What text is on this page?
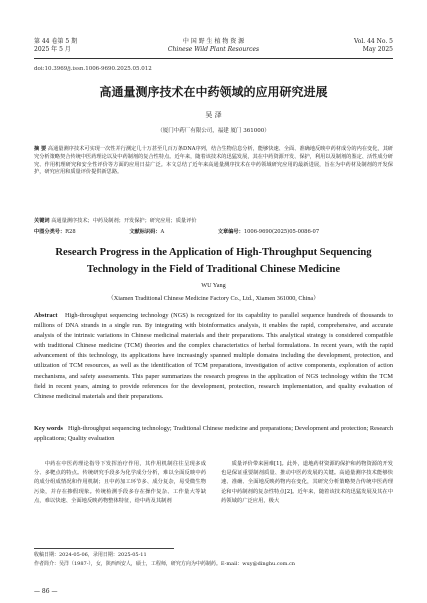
第 44 卷第 5 期
2025 年 5 月
中 国 野 生 植 物 资 源
Chinese Wild Plant Resources
Vol. 44 No. 5
May 2025
doi:10.3969/j.issn.1006-9690.2025.05.012
高通量测序技术在中药领域的应用研究进展
吴 泽
（厦门中药厂有限公司，福建 厦门 361000）
摘 要 高通量测序技术可实现一次性并行测定几十万甚至几百万条DNA序列，结合生物信息分析，能够快速、全面、准确地反映中药材成分的内在变化，其研究分析策略契合传统中医药理论以及中药制剂的复合性特点。近年来，随着该技术的迅猛发展，其在中药资源开发、保护，利用以及制剂的鉴定、活性成分研究、作用机理研究和安全性评价等方面的应用日益广泛。本文总结了近年来高通量测序技术在中药领域研究应用的最新进展，旨在为中药材及制剂的开发保护，研究应用和质量评价提供新思路。
关键词 高通量测序技术；中药及制剂；开发保护；研究应用；质量评价
中图分类号：R28	文献标识码：A	文章编号：1006-9690(2025)05-0086-07
Research Progress in the Application of High-Throughput Sequencing
Technology in the Field of Traditional Chinese Medicine
WU Yang
（Xiamen Traditional Chinese Medicine Factory Co., Ltd., Xiamen 361000, China）
Abstract High-throughput sequencing technology (NGS) is recognized for its capability to parallel sequence hundreds of thousands to millions of DNA strands in a single run. By integrating with bioinformatics analysis, it enables the rapid, comprehensive, and accurate analysis of the intrinsic variations in Chinese medicinal materials and their preparations. This analytical strategy is considered compatible with traditional Chinese medicine (TCM) theories and the complex characteristics of herbal formulations. In recent years, with the rapid advancement of this technology, its applications have increasingly spanned multiple domains including the development, protection, and utilization of TCM resources, as well as the identification of TCM preparations, investigation of active components, exploration of action mechanisms, and safety assessments. This paper summarizes the research progress in the application of NGS technology within the TCM field in recent years, aiming to provide references for the development, protection, research implementation, and quality evaluation of Chinese medicinal materials and their preparations.
Key words High-throughput sequencing technology; Traditional Chinese medicine and preparations; Development and protection; Research applications; Quality evaluation
中药在中医药理论指导下发挥治疗作用，其作用机制往往呈现多成分、多靶点的特点。传统研究手段多为化学成分分析，难以全面反映中药的成分组成情况和作用机制；且中药加工环节多、成分复杂，易受微生物污染，并存在掺假现象。传统检测手段多存在操作复杂、工作量大等缺点，难以快速、全面地反映药物整体特征，给中药及其制剂
质量评价带来困难[1]。此外，道地药材资源的保护和药物资源的开发也是保证重要制剂质量、推动中医药发展的关键。高通量测序技术能够快速、准确、全面地反映药物内在变化，其研究分析策略契合传统中医药理论和中药制剂的复杂性特点[2]。近年来，随着该技术的迅猛发展及其在中药领域的广泛应用，极大
收稿日期：2024-05-06，录用日期：2025-05-11
作者简介：吴洋（1987-），女，陕西西安人，硕士，工程师，研究方向为中药制药。E-mail：wuy@dinghu.com.cn
— 86 —
